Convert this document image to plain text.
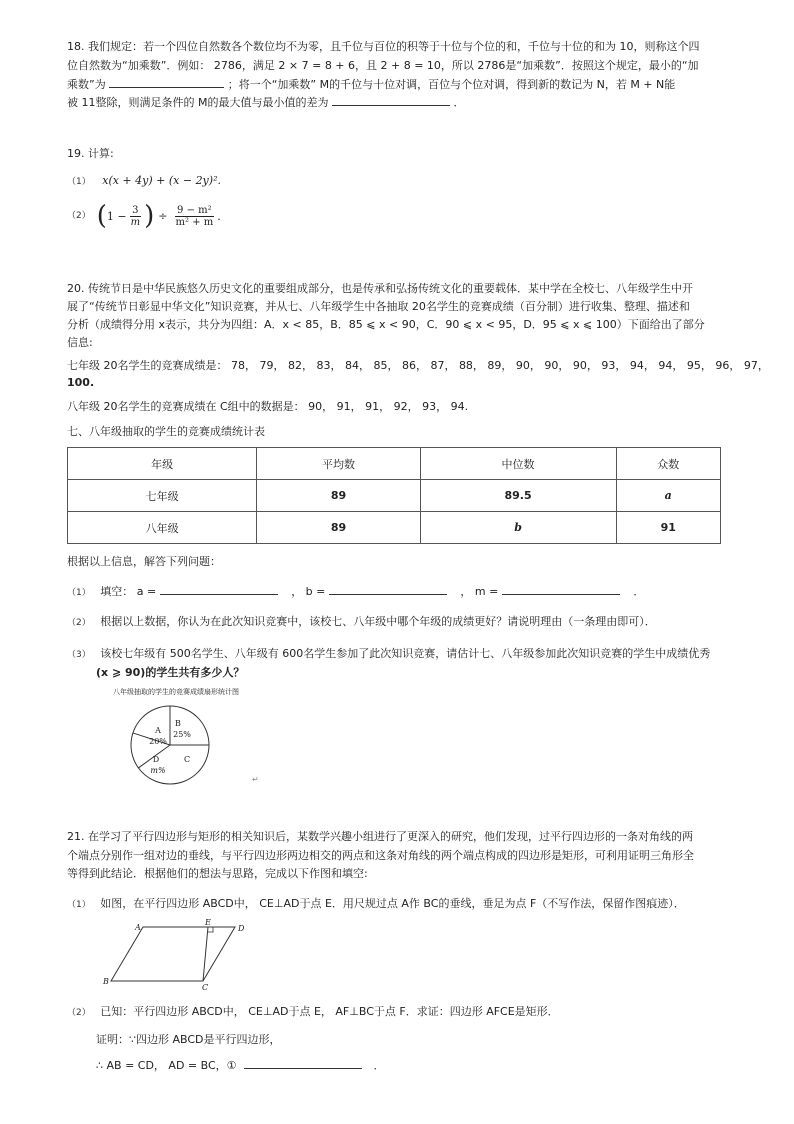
18. 我们规定：若一个四位自然数各个数位均不为零，且千位与百位的积等于十位与个位的和，千位与十位的和为 10，则称这个四
位自然数为“加乘数”．例如： 2786，满足 2 × 7 = 8 + 6，且 2 + 8 = 10，所以 2786是“加乘数”．按照这个规定，最小的“加
乘数”为	；将一个“加乘数” M的千位与十位对调，百位与个位对调，得到新的数记为 N，若 M + N能
被 11整除，则满足条件的 M的最大值与最小值的差为	．
19. 计算:
（1） x(x + 4y) + (x − 2y)².
（2） ( $1 - \frac{3}{m}$ ) ÷ $\frac{\text{9 − m²}}{\text{m² + m}}$ .
20. 传统节日是中华民族悠久历史文化的重要组成部分，也是传承和弘扬传统文化的重要载体．某中学在全校七、八年级学生中开
展了“传统节日彰显中华文化”知识竞赛，并从七、八年级学生中各抽取 20名学生的竞赛成绩（百分制）进行收集、整理、描述和
分析（成绩得分用 x表示，共分为四组：A．x < 85，B．85 ⩽ x < 90，C．90 ⩽ x < 95，D．95 ⩽ x ⩽ 100）下面给出了部分
信息:
七年级 20名学生的竞赛成绩是： 78， 79， 82， 83， 84， 85， 86， 87， 88， 89， 90， 90， 90， 93， 94， 94， 95， 96， 97，
100.
八年级 20名学生的竞赛成绩在 C组中的数据是： 90， 91， 91， 92， 93， 94.
七、八年级抽取的学生的竞赛成绩统计表
年级	平均数	中位数	众数
七年级	89	89.5	a
八年级	89	b	91
根据以上信息，解答下列问题：
（1） 填空： a =	， b =	， m =	．
（2） 根据以上数据，你认为在此次知识竞赛中，该校七、八年级中哪个年级的成绩更好？请说明理由（一条理由即可）．
（3） 该校七年级有 500名学生、八年级有 600名学生参加了此次知识竞赛，请估计七、八年级参加此次知识竞赛的学生中成绩优秀
(x ⩾ 90)的学生共有多少人？
八年级抽取的学生的竞赛成绩扇形统计图
A
20%
B
25%
C
D
m%
↵
21. 在学习了平行四边形与矩形的相关知识后，某数学兴趣小组进行了更深入的研究，他们发现，过平行四边形的一条对角线的两
个端点分别作一组对边的垂线，与平行四边形两边相交的两点和这条对角线的两个端点构成的四边形是矩形，可利用证明三角形全
等得到此结论．根据他们的想法与思路，完成以下作图和填空:
（1） 如图，在平行四边形 ABCD中， CE⊥AD于点 E．用尺规过点 A作 BC的垂线，垂足为点 F（不写作法，保留作图痕迹）．
A	D
B
C
E
（2） 已知：平行四边形 ABCD中， CE⊥AD于点 E， AF⊥BC于点 F．求证：四边形 AFCE是矩形．
证明：∵四边形 ABCD是平行四边形，
∴ AB = CD， AD = BC，①	．
